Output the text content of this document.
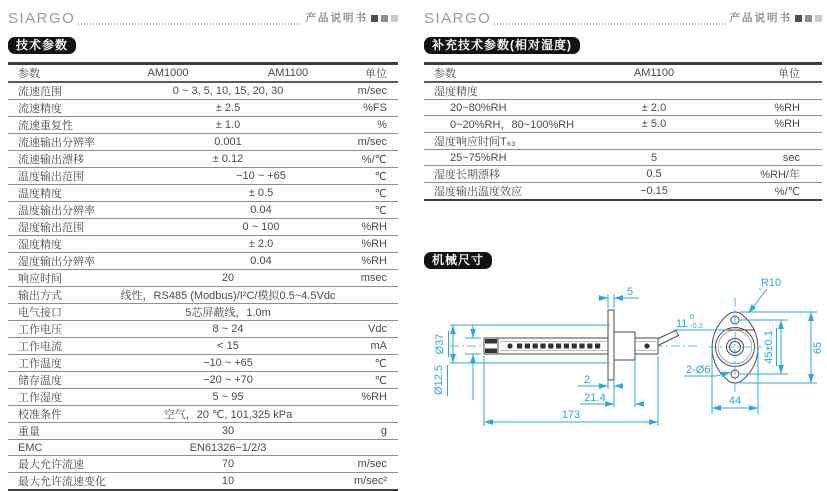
SIARGO	产品说明书
技术参数
参数	AM1000	AM1100	单位
流速范围	0 ~ 3, 5, 10, 15, 20, 30		m/sec
流速精度	± 2.5		%FS
流速重复性	± 1.0		%
流速输出分辨率	0.001		m/sec
流速输出漂移	± 0.12		%/℃
温度输出范围	−10 ~ +65		℃
温度精度	± 0.5		℃
温度输出分辨率	0.04		℃
湿度输出范围	0 ~ 100		%RH
湿度精度	± 2.0		%RH
湿度输出分辨率	0.04		%RH
响应时间	20		msec
输出方式	线性，RS485 (Modbus)/I²C/模拟0.5~4.5Vdc		
电气接口	5芯屏蔽线，1.0m		
工作电压	8 ~ 24		Vdc
工作电流	< 15		mA
工作温度	−10 ~ +65		℃
储存温度	−20 ~ +70		℃
工作湿度	5 ~ 95		%RH
校准条件	空气，20 ℃, 101,325 kPa		
重量	30		g
EMC	EN61326−1/2/3		
最大允许流速	70		m/sec
最大允许流速变化	10		m/sec²
SIARGO	产品说明书
补充技术参数(相对湿度)
参数	AM1100	单位
湿度精度		
20~80%RH	± 2.0	%RH
0~20%RH，80~100%RH	± 5.0	%RH
湿度响应时间T₆₃		
25~75%RH	5	sec
湿度长期漂移	0.5	%RH/年
湿度输出温度效应	−0.15	%/℃
机械尺寸
5
Ø37
Ø12.5	2
21.4
173
R10
11
0
-0.2
45±0.1	65
2-Ø6
44
